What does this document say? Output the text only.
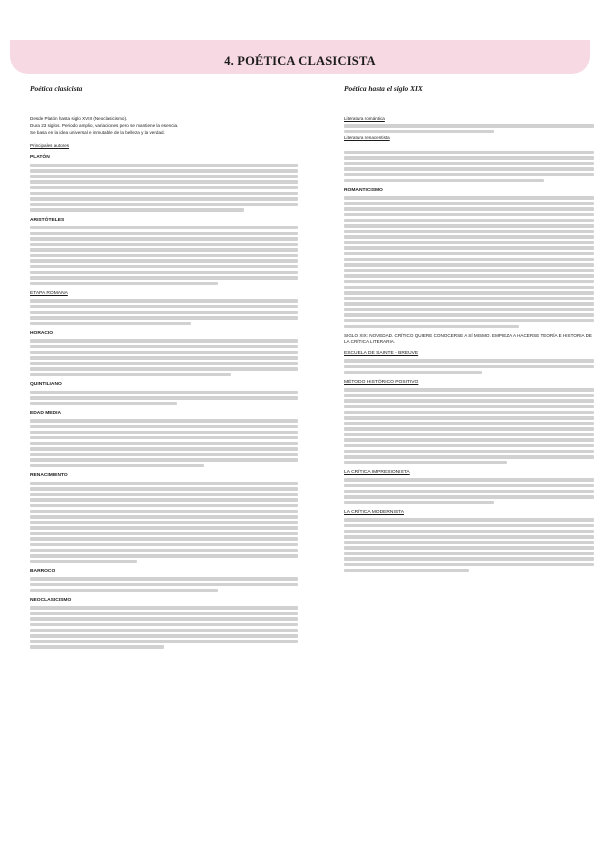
4. POÉTICA CLASICISTA
Poética clasicista
Desde Platón hasta siglo XVIII (Neoclasicismo).
Dura 23 siglos. Periodo amplio, variaciones pero se mantiene la esencia.
Se basa en la idea universal e inmutable de la belleza y la verdad.
Principales autores
PLATÓN
ARISTÓTELES
ETAPA ROMANA
HORACIO
QUINTILIANO
EDAD MEDIA
RENACIMIENTO
BARROCO
NEOCLASICISMO
Poética hasta el siglo XIX
Literatura romántica
Literatura renacentista
ROMANTICISMO
SIGLO XIX: NOVEDAD. CRÍTICO QUIERE CONOCERSE A SÍ MISMO. EMPIEZA A HACERSE TEORÍA E HISTORIA DE LA CRÍTICA LITERARIA.
ESCUELA DE SAINTE - BREUVE
MÉTODO HISTÓRICO POSITIVO
LA CRÍTICA IMPRESIONISTA
LA CRÍTICA MODERNISTA
